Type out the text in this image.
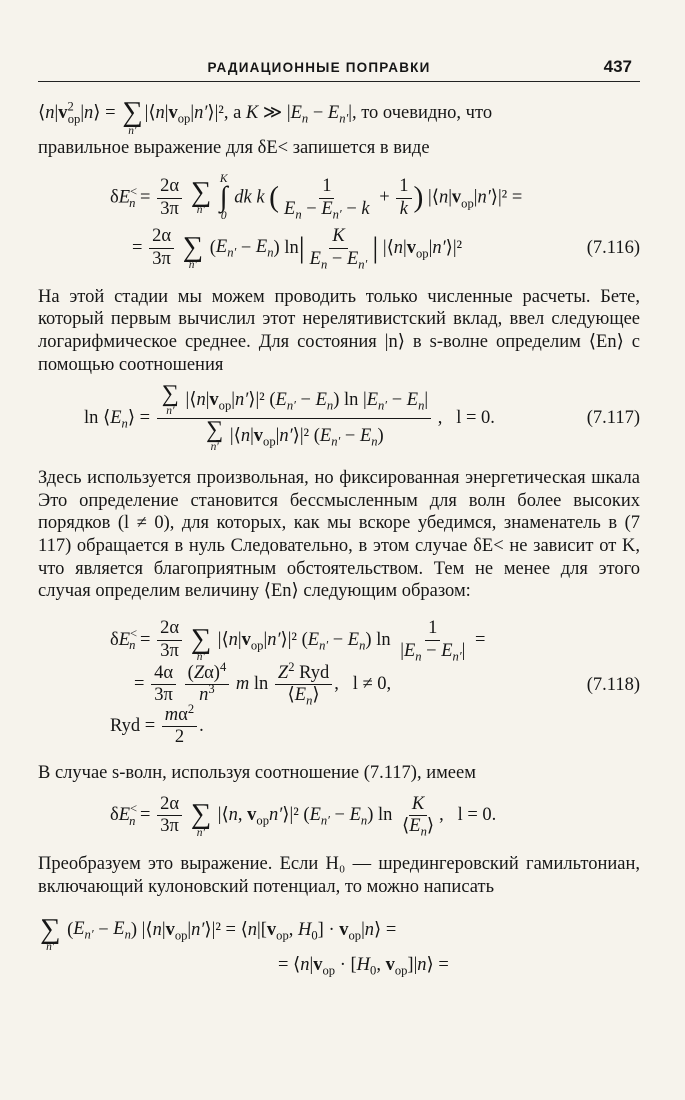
РАДИАЦИОННЫЕ ПОПРАВКИ	437

$⟨n|v^2_{op}|n⟩$ = ∑
n′
$|⟨n|v_{op}|n'⟩|^2$, а K ≫ $|E_n - E_{n'}|$, то очевидно, что

правильное выражение для δE< запишется в виде

$\delta E^<_n = \frac{2\alpha}{3\pi}$
∑
n′

K
∫
0
dk k ( $\frac{1}{E_n - E_{n'} - k} + \frac{1}{k}$ ) $|⟨n|v_{op}|n'⟩|^2$ =
= $\frac{2\alpha}{3\pi}$
∑
n′
$(E_{n'} - E_n)$ $\ln| \frac{K}{E_n - E_{n'}}$ | $|⟨n|v_{op}|n'⟩|^2$	(7.116)

На этой стадии мы можем проводить только численные расчеты. Бете, который первым вычислил этот нерелятивистский вклад, ввел следующее логарифмическое среднее. Для состояния |n⟩ в s-волне определим ⟨En⟩ с помощью соотношения

$\ln ⟨E_n⟩$ = ∑
n′
$|⟨n|v_{op}|n'⟩|^2$ $(E_{n'} - E_n)$ $\ln |E_{n'} - E_n|$
∑
n′
$|⟨n|v_{op}|n'⟩|^2$ $(E_{n'} - E_n)$ ,   l = 0.	(7.117)

Здесь используется произвольная, но фиксированная энергетическая шкала Это определение становится бессмысленным для волн более высоких порядков (l ≠ 0), для которых, как мы вскоре убедимся, знаменатель в (7 117) обращается в нуль Следовательно, в этом случае δE< не зависит от K, что является благоприятным обстоятельством. Тем не менее для этого случая определим величину ⟨En⟩ следующим образом:

$\delta E^<_n = \frac{2\alpha}{3\pi}$
∑
n′
$|⟨n|v_{op}|n'⟩|^2$ $(E_{n'} - E_n)$ $\ln \frac{1}{|E_n - E_{n'}|}$ =
= $\frac{4\alpha}{3\pi}$
$\frac{(Z\alpha)^4}{n^3}$ m $\ln \frac{Z^2 Ryd}{⟨E_n⟩}$ ,   l ≠ 0,	(7.118)
Ryd = $\frac{m\alpha^2}{2}$ .

В случае s-волн, используя соотношение (7.117), имеем

$\delta E^<_n = \frac{2\alpha}{3\pi}$
∑
n′
|⟨n, $v_{op}n'⟩|^2$ $(E_{n'} - E_n)$ $\ln \frac{K}{⟨E_n⟩}$ ,   l = 0.

Преобразуем это выражение. Если H₀ — шредингеровский гамильтониан, включающий кулоновский потенциал, то можно написать

∑
n′
$(E_{n'} - E_n)$ $|⟨n|v_{op}|n'⟩|^2$ = $⟨n|[v_{op}$, $H_0$] · $v_{op}|n⟩$ =
= $⟨n|v_{op} \cdot [H_0$, $v_{op}]|n⟩$ =
